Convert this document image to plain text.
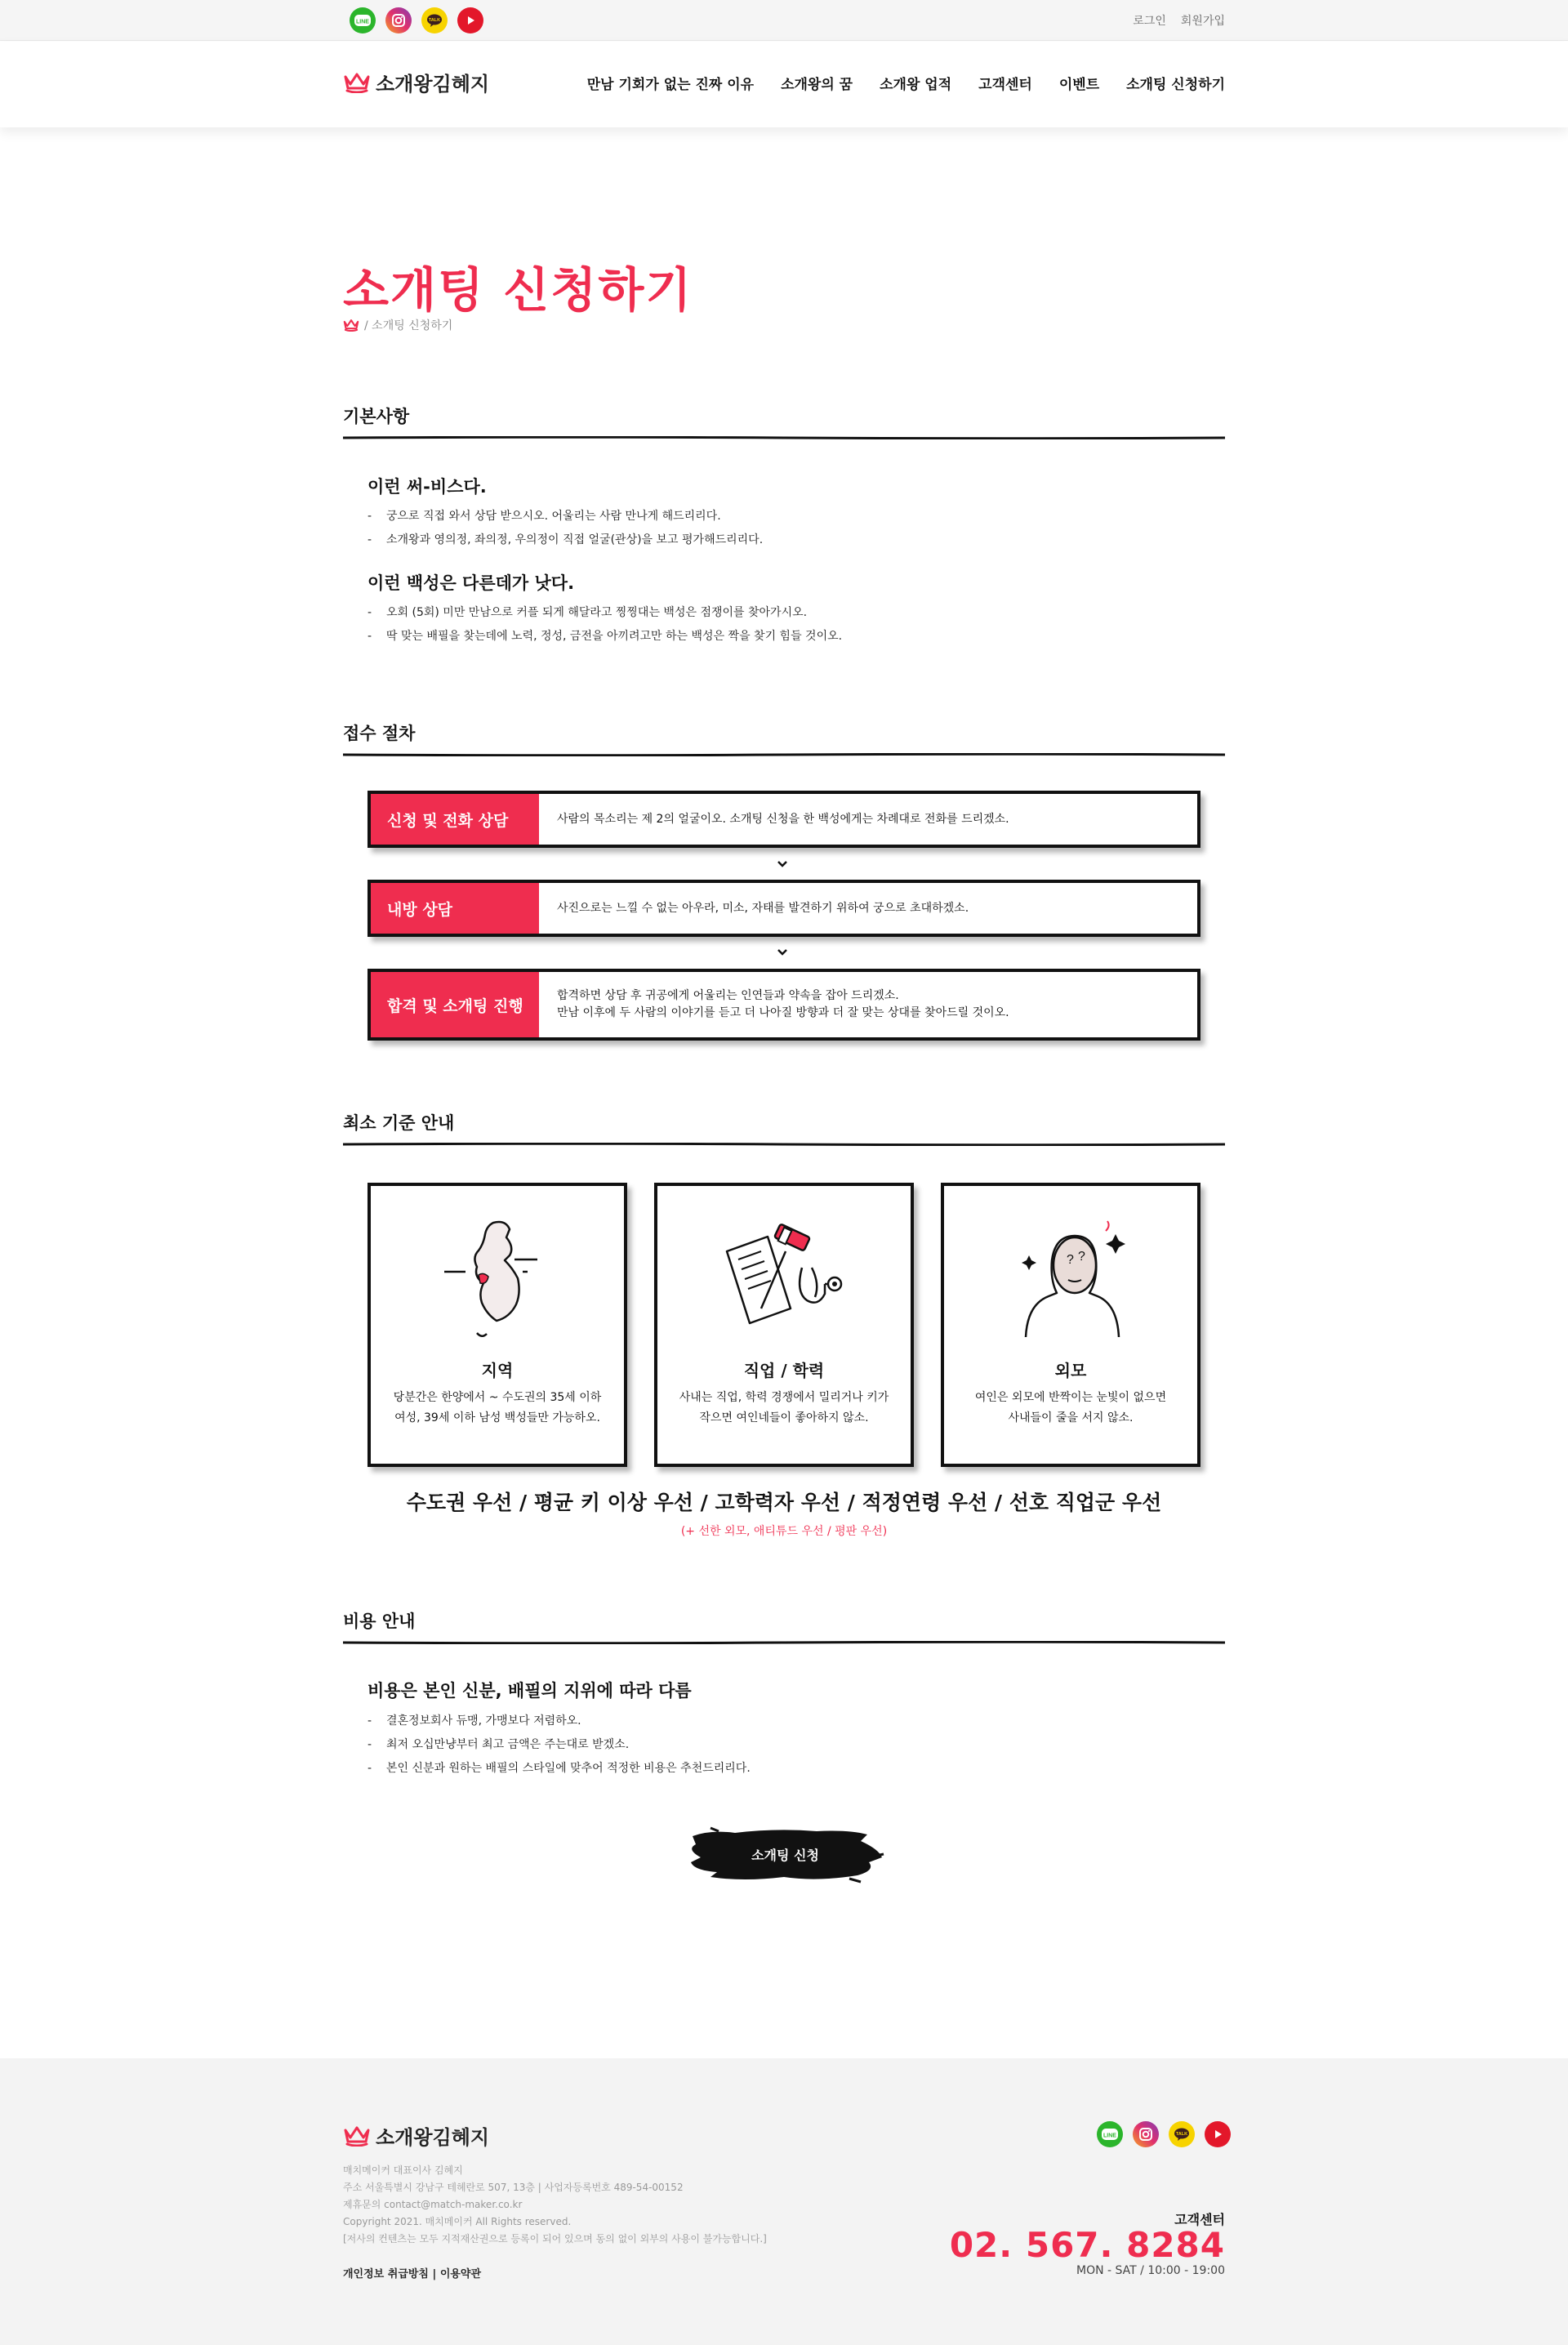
LINE	TALK	로그인 회원가입
소개왕김혜지	만남 기회가 없는 진짜 이유 소개왕의 꿈 소개왕 업적 고객센터 이벤트 소개팅 신청하기
소개팅 신청하기
/ 소개팅 신청하기
기본사항
이런 써-비스다.
- 궁으로 직접 와서 상담 받으시오. 어울리는 사람 만나게 해드리리다.
- 소개왕과 영의정, 좌의정, 우의정이 직접 얼굴(관상)을 보고 평가해드리리다.
이런 백성은 다른데가 낫다.
- 오회 (5회) 미만 만남으로 커플 되게 해달라고 찡찡대는 백성은 점쟁이를 찾아가시오.
- 딱 맞는 배필을 찾는데에 노력, 정성, 금전을 아끼려고만 하는 백성은 짝을 찾기 힘들 것이오.
접수 절차
신청 및 전화 상담	사람의 목소리는 제 2의 얼굴이오. 소개팅 신청을 한 백성에게는 차례대로 전화를 드리겠소.
내방 상담	사진으로는 느낄 수 없는 아우라, 미소, 자태를 발견하기 위하여 궁으로 초대하겠소.
합격 및 소개팅 진행
합격하면 상담 후 귀공에게 어울리는 인연들과 약속을 잡아 드리겠소.
만남 이후에 두 사람의 이야기를 듣고 더 나아질 방향과 더 잘 맞는 상대를 찾아드릴 것이오.
최소 기준 안내
지역
당분간은 한양에서 ~ 수도권의 35세 이하
여성, 39세 이하 남성 백성들만 가능하오.
직업 / 학력
사내는 직업, 학력 경쟁에서 밀리거나 키가
작으면 여인네들이 좋아하지 않소.
? ?
외모
여인은 외모에 반짝이는 눈빛이 없으면
사내들이 줄을 서지 않소.
수도권 우선 / 평균 키 이상 우선 / 고학력자 우선 / 적정연령 우선 / 선호 직업군 우선
(+ 선한 외모, 애티튜드 우선 / 평판 우선)
비용 안내
비용은 본인 신분, 배필의 지위에 따라 다름
- 결혼정보회사 듀맹, 가맹보다 저렴하오.
- 최저 오십만냥부터 최고 금액은 주는대로 받겠소.
- 본인 신분과 원하는 배필의 스타일에 맞추어 적정한 비용은 추천드리리다.
소개팅 신청
소개왕김혜지
매치메이커 대표이사 김혜지
주소 서울특별시 강남구 테헤란로 507, 13층 | 사업자등록번호 489-54-00152
제휴문의 contact@match-maker.co.kr
Copyright 2021. 매치메이커 All Rights reserved.
[저사의 컨텐츠는 모두 지적재산권으로 등록이 되어 있으며 동의 없이 외부의 사용이 불가능합니다.]
개인정보 취급방침 | 이용약관
LINE	TALK
고객센터
02. 567. 8284
MON - SAT / 10:00 - 19:00
